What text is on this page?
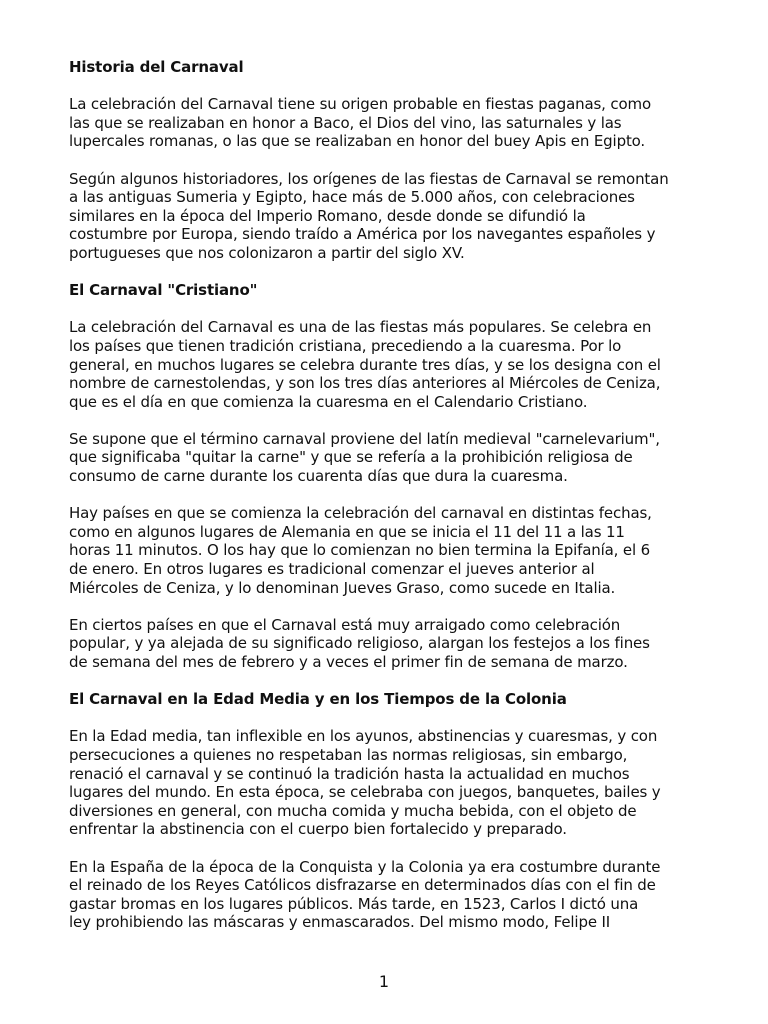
Historia del Carnaval

La celebración del Carnaval tiene su origen probable en fiestas paganas, como
las que se realizaban en honor a Baco, el Dios del vino, las saturnales y las
lupercales romanas, o las que se realizaban en honor del buey Apis en Egipto.

Según algunos historiadores, los orígenes de las fiestas de Carnaval se remontan
a las antiguas Sumeria y Egipto, hace más de 5.000 años, con celebraciones
similares en la época del Imperio Romano, desde donde se difundió la
costumbre por Europa, siendo traído a América por los navegantes españoles y
portugueses que nos colonizaron a partir del siglo XV.

El Carnaval "Cristiano"

La celebración del Carnaval es una de las fiestas más populares. Se celebra en
los países que tienen tradición cristiana, precediendo a la cuaresma. Por lo
general, en muchos lugares se celebra durante tres días, y se los designa con el
nombre de carnestolendas, y son los tres días anteriores al Miércoles de Ceniza,
que es el día en que comienza la cuaresma en el Calendario Cristiano.

Se supone que el término carnaval proviene del latín medieval "carnelevarium",
que significaba "quitar la carne" y que se refería a la prohibición religiosa de
consumo de carne durante los cuarenta días que dura la cuaresma.

Hay países en que se comienza la celebración del carnaval en distintas fechas,
como en algunos lugares de Alemania en que se inicia el 11 del 11 a las 11
horas 11 minutos. O los hay que lo comienzan no bien termina la Epifanía, el 6
de enero. En otros lugares es tradicional comenzar el jueves anterior al
Miércoles de Ceniza, y lo denominan Jueves Graso, como sucede en Italia.

En ciertos países en que el Carnaval está muy arraigado como celebración
popular, y ya alejada de su significado religioso, alargan los festejos a los fines
de semana del mes de febrero y a veces el primer fin de semana de marzo.

El Carnaval en la Edad Media y en los Tiempos de la Colonia

En la Edad media, tan inflexible en los ayunos, abstinencias y cuaresmas, y con
persecuciones a quienes no respetaban las normas religiosas, sin embargo,
renació el carnaval y se continuó la tradición hasta la actualidad en muchos
lugares del mundo. En esta época, se celebraba con juegos, banquetes, bailes y
diversiones en general, con mucha comida y mucha bebida, con el objeto de
enfrentar la abstinencia con el cuerpo bien fortalecido y preparado.

En la España de la época de la Conquista y la Colonia ya era costumbre durante
el reinado de los Reyes Católicos disfrazarse en determinados días con el fin de
gastar bromas en los lugares públicos. Más tarde, en 1523, Carlos I dictó una
ley prohibiendo las máscaras y enmascarados. Del mismo modo, Felipe II

1
